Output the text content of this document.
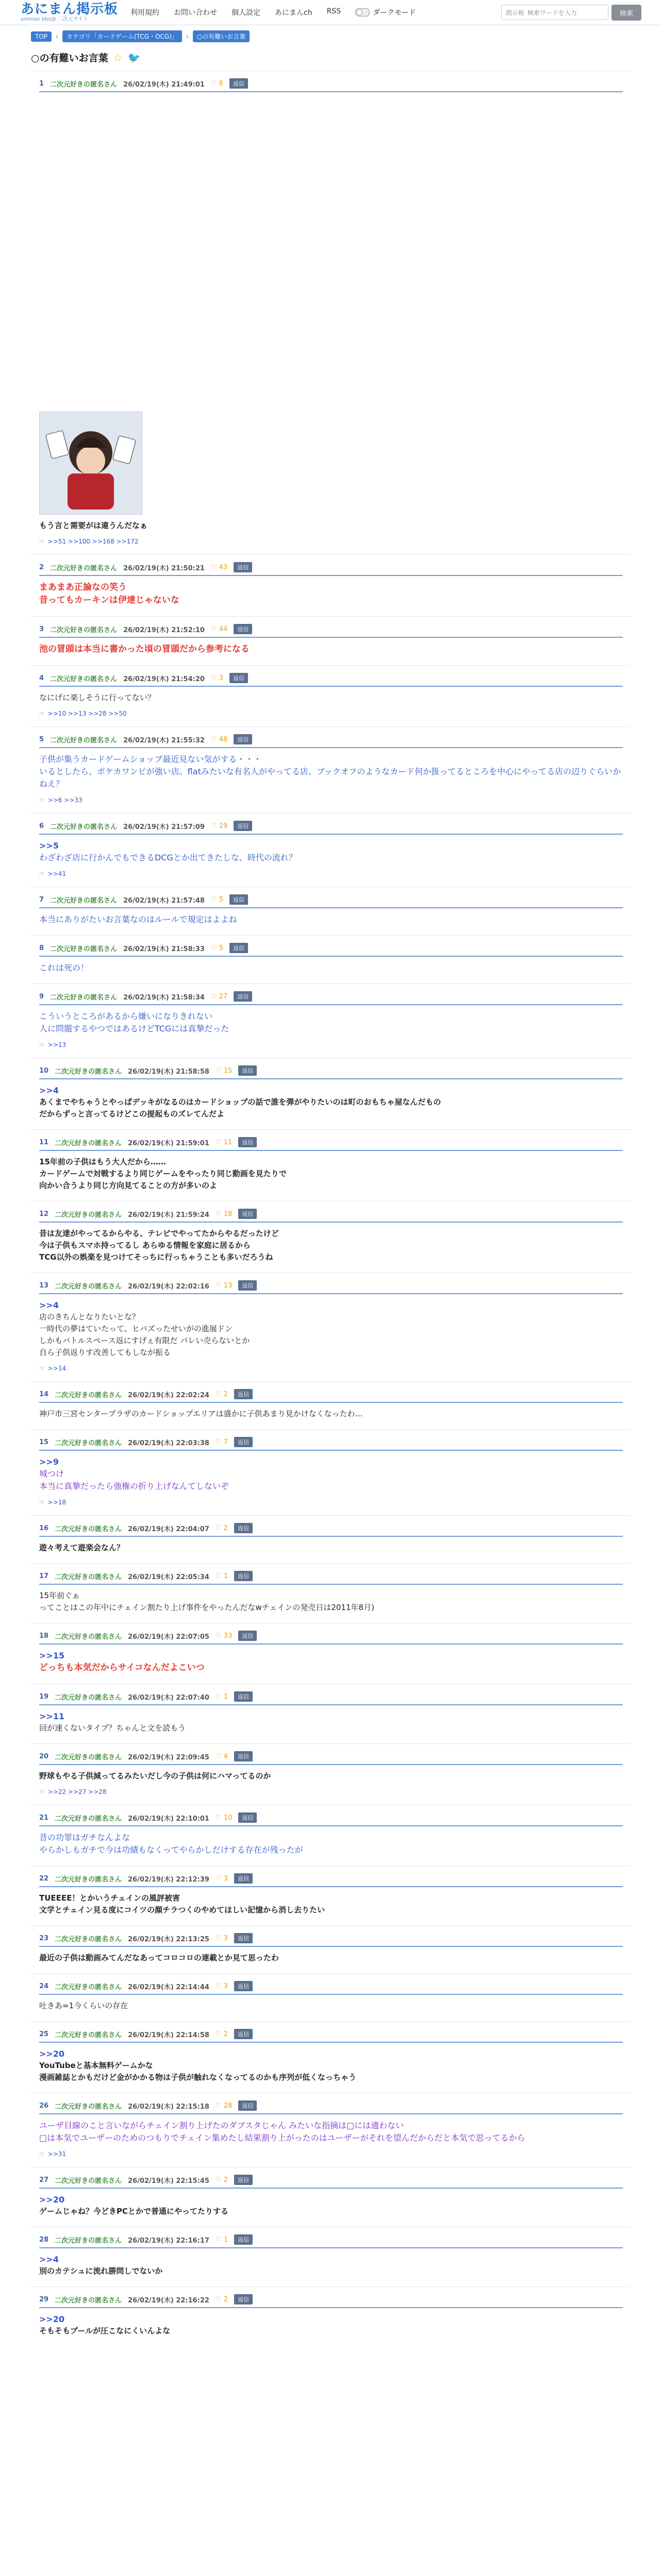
あにまん掲示板
animan bbs@ 二次元サイト
利用規約 お問い合わせ 個人設定 あにまんch RSS	ダークモード	掲示板 検索ワードを入力	検索
TOP	›	カテゴリ「カードゲーム(TCG・OCG)」	›	○の有難いお言葉
○の有難いお言葉 ☆ 🐦
1 二次元好きの匿名さん 26/02/19(木) 21:49:01 ♡ 6	返信
もう言と需要がは違うんだなぁ
☞ >>51 >>100 >>168 >>172
2 二次元好きの匿名さん 26/02/19(木) 21:50:21 ♡ 43	返信
まあまあ正論なの笑う
昔ってもカーキンは伊達じゃないな
3 二次元好きの匿名さん 26/02/19(木) 21:52:10 ♡ 44	返信
池の冒頭は本当に書かった頃の冒頭だから参考になる
4 二次元好きの匿名さん 26/02/19(木) 21:54:20 ♡ 3	返信
なにげに楽しそうに行ってない？
☞ >>10 >>13 >>28 >>50
5 二次元好きの匿名さん 26/02/19(木) 21:55:32 ♡ 48	返信
子供が集うカードゲームショップ最近見ない気がする・・・
いるとしたら、ポケカワンピが強い店。flatみたいな有名人がやってる店、ブックオフのようなカード何か扱ってるところを中心にやってる店の辺りぐらいかねえ？
☞ >>6 >>33
6 二次元好きの匿名さん 26/02/19(木) 21:57:09 ♡ 19	返信
>>5
わざわざ店に行かんでもできるDCGとか出てきたしな、時代の流れ？
☞ >>41
7 二次元好きの匿名さん 26/02/19(木) 21:57:48 ♡ 5	返信
本当にありがたいお言葉なのはルールで規定はよよね
8 二次元好きの匿名さん 26/02/19(木) 21:58:33 ♡ 5	返信
これは死の！
9 二次元好きの匿名さん 26/02/19(木) 21:58:34 ♡ 27	返信
こういうところがあるから嫌いになりきれない
人に問題するやつではあるけどTCGには真摯だった
☞ >>13
10 二次元好きの匿名さん 26/02/19(木) 21:58:58 ♡ 15	返信
>>4
あくまでやちゃうとやっぱデッキがなるのはカードショップの話で誰を弾がやりたいのは町のおもちゃ屋なんだもの
だからずっと言ってるけどこの提起ものズレてんだよ
11 二次元好きの匿名さん 26/02/19(木) 21:59:01 ♡ 11	返信
15年前の子供はもう大人だから……
カードゲームで対戦するより同じゲームをやったり同じ動画を見たりで
向かい合うより同じ方向見てることの方が多いのよ
12 二次元好きの匿名さん 26/02/19(木) 21:59:24 ♡ 18	返信
昔は友達がやってるからやる、テレビでやってたからやるだったけど
今は子供もスマホ持ってるし あらゆる情報を家庭に居るから
TCG以外の娯楽を見つけてそっちに行っちゃうことも多いだろうね
13 二次元好きの匿名さん 26/02/19(木) 22:02:16 ♡ 13	返信
>>4
店のきちんとなりたいとな？
一時代の夢はていたって、ヒバズったせいがの進展ドン
しかもバトルスペース返にすげぇ有限だ パレい売らないとか
自ら子供返りす改善してもしなが振る
☞ >>14
14 二次元好きの匿名さん 26/02/19(木) 22:02:24 ♡ 2	返信
神戸市三宮センタープラザのカードショップエリアは盛かに子供あまり見かけなくなったわ…
15 二次元好きの匿名さん 26/02/19(木) 22:03:38 ♡ 7	返信
>>9
城つけ
本当に真摯だったら強権の折り上げなんてしないぞ
☞ >>18
16 二次元好きの匿名さん 26/02/19(木) 22:04:07 ♡ 2	返信
遊々考えて遊楽会なん？
17 二次元好きの匿名さん 26/02/19(木) 22:05:34 ♡ 1	返信
15年前ぐぁ
ってことはこの年中にチェイン割たり上げ事件をやったんだなwチェインの発売日は2011年8月)
18 二次元好きの匿名さん 26/02/19(木) 22:07:05 ♡ 33	返信
>>15
どっちも本気だからサイコなんだよこいつ
19 二次元好きの匿名さん 26/02/19(木) 22:07:40 ♡ 1	返信
>>11
回が速くないタイプ？ちゃんと文を読もう
20 二次元好きの匿名さん 26/02/19(木) 22:09:45 ♡ 4	返信
野球もやる子供減ってるみたいだし今の子供は何にハマってるのか
☞ >>22 >>27 >>28
21 二次元好きの匿名さん 26/02/19(木) 22:10:01 ♡ 10	返信
昔の功罪はガチなんよな
やらかしもガチで今は功績もなくってやらかしだけする存在が残ったが
22 二次元好きの匿名さん 26/02/19(木) 22:12:39 ♡ 3	返信
TUEEEE！とかいうチェインの風評被害
文学とチェイン見る度にコイツの顔チラつくのやめてほしい記憶から消し去りたい
23 二次元好きの匿名さん 26/02/19(木) 22:13:25 ♡ 3	返信
最近の子供は動画みてんだなあってコロコロの連載とか見て思ったわ
24 二次元好きの匿名さん 26/02/19(木) 22:14:44 ♡ 3	返信
吐きあ=1今くらいの存在
25 二次元好きの匿名さん 26/02/19(木) 22:14:58 ♡ 2	返信
>>20
YouTubeと基本無料ゲームかな
漫画雑誌とかもだけど金がかかる物は子供が触れなくなってるのかも序列が低くなっちゃう
26 二次元好きの匿名さん 26/02/19(木) 22:15:18 ♡ 28	返信
ユーザ目線のこと言いながらチェイン割り上げたのダブスタじゃん みたいな指摘は□には適わない
□は本気でユーザーのためのつもりでチェイン集めたし結果割り上がったのはユーザーがそれを望んだからだと本気で思ってるから
☞ >>31
27 二次元好きの匿名さん 26/02/19(木) 22:15:45 ♡ 2	返信
>>20
ゲームじゃね？今どきPCとかで普通にやってたりする
28 二次元好きの匿名さん 26/02/19(木) 22:16:17 ♡ 1	返信
>>4
別のカテシュに流れ勝問しでないか
29 二次元好きの匿名さん 26/02/19(木) 22:16:22 ♡ 2	返信
>>20
そもそもプールが圧こなにくいんよな
